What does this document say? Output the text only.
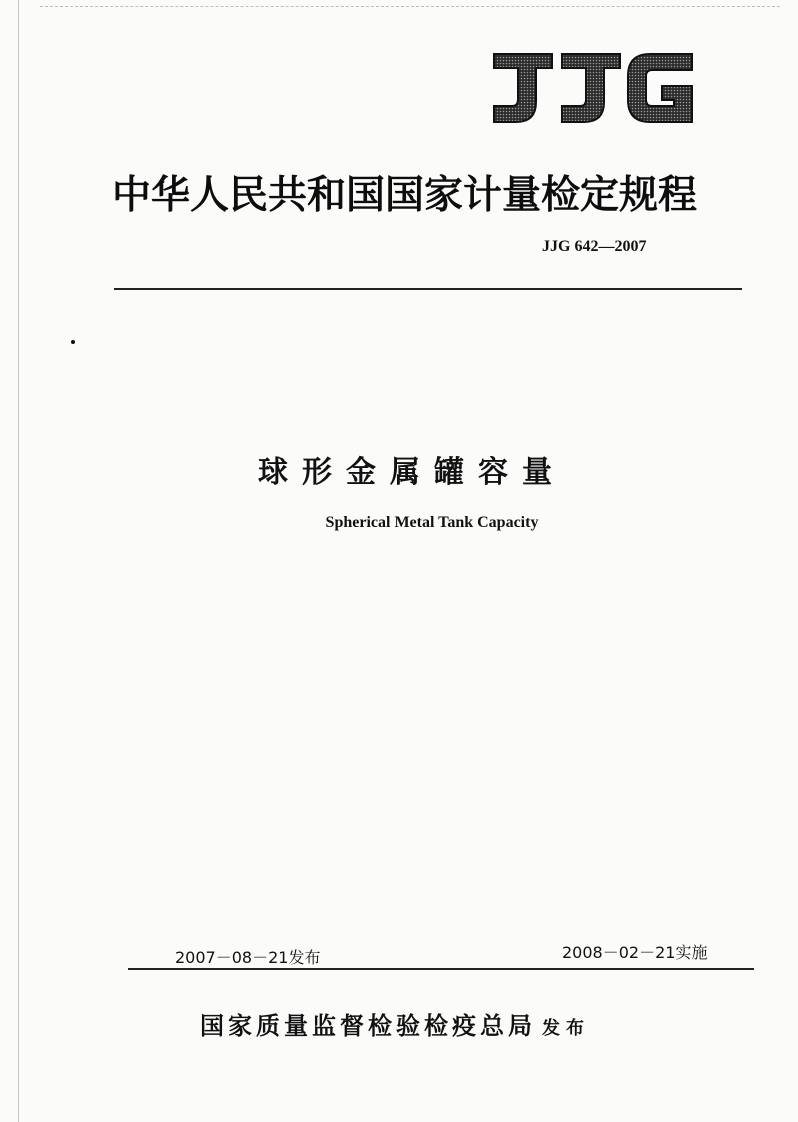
中华人民共和国国家计量检定规程
JJG 642—2007
球形金属罐容量
Spherical Metal Tank Capacity
2007－08－21发布	2008－02－21实施
国家质量监督检验检疫总局 发布
